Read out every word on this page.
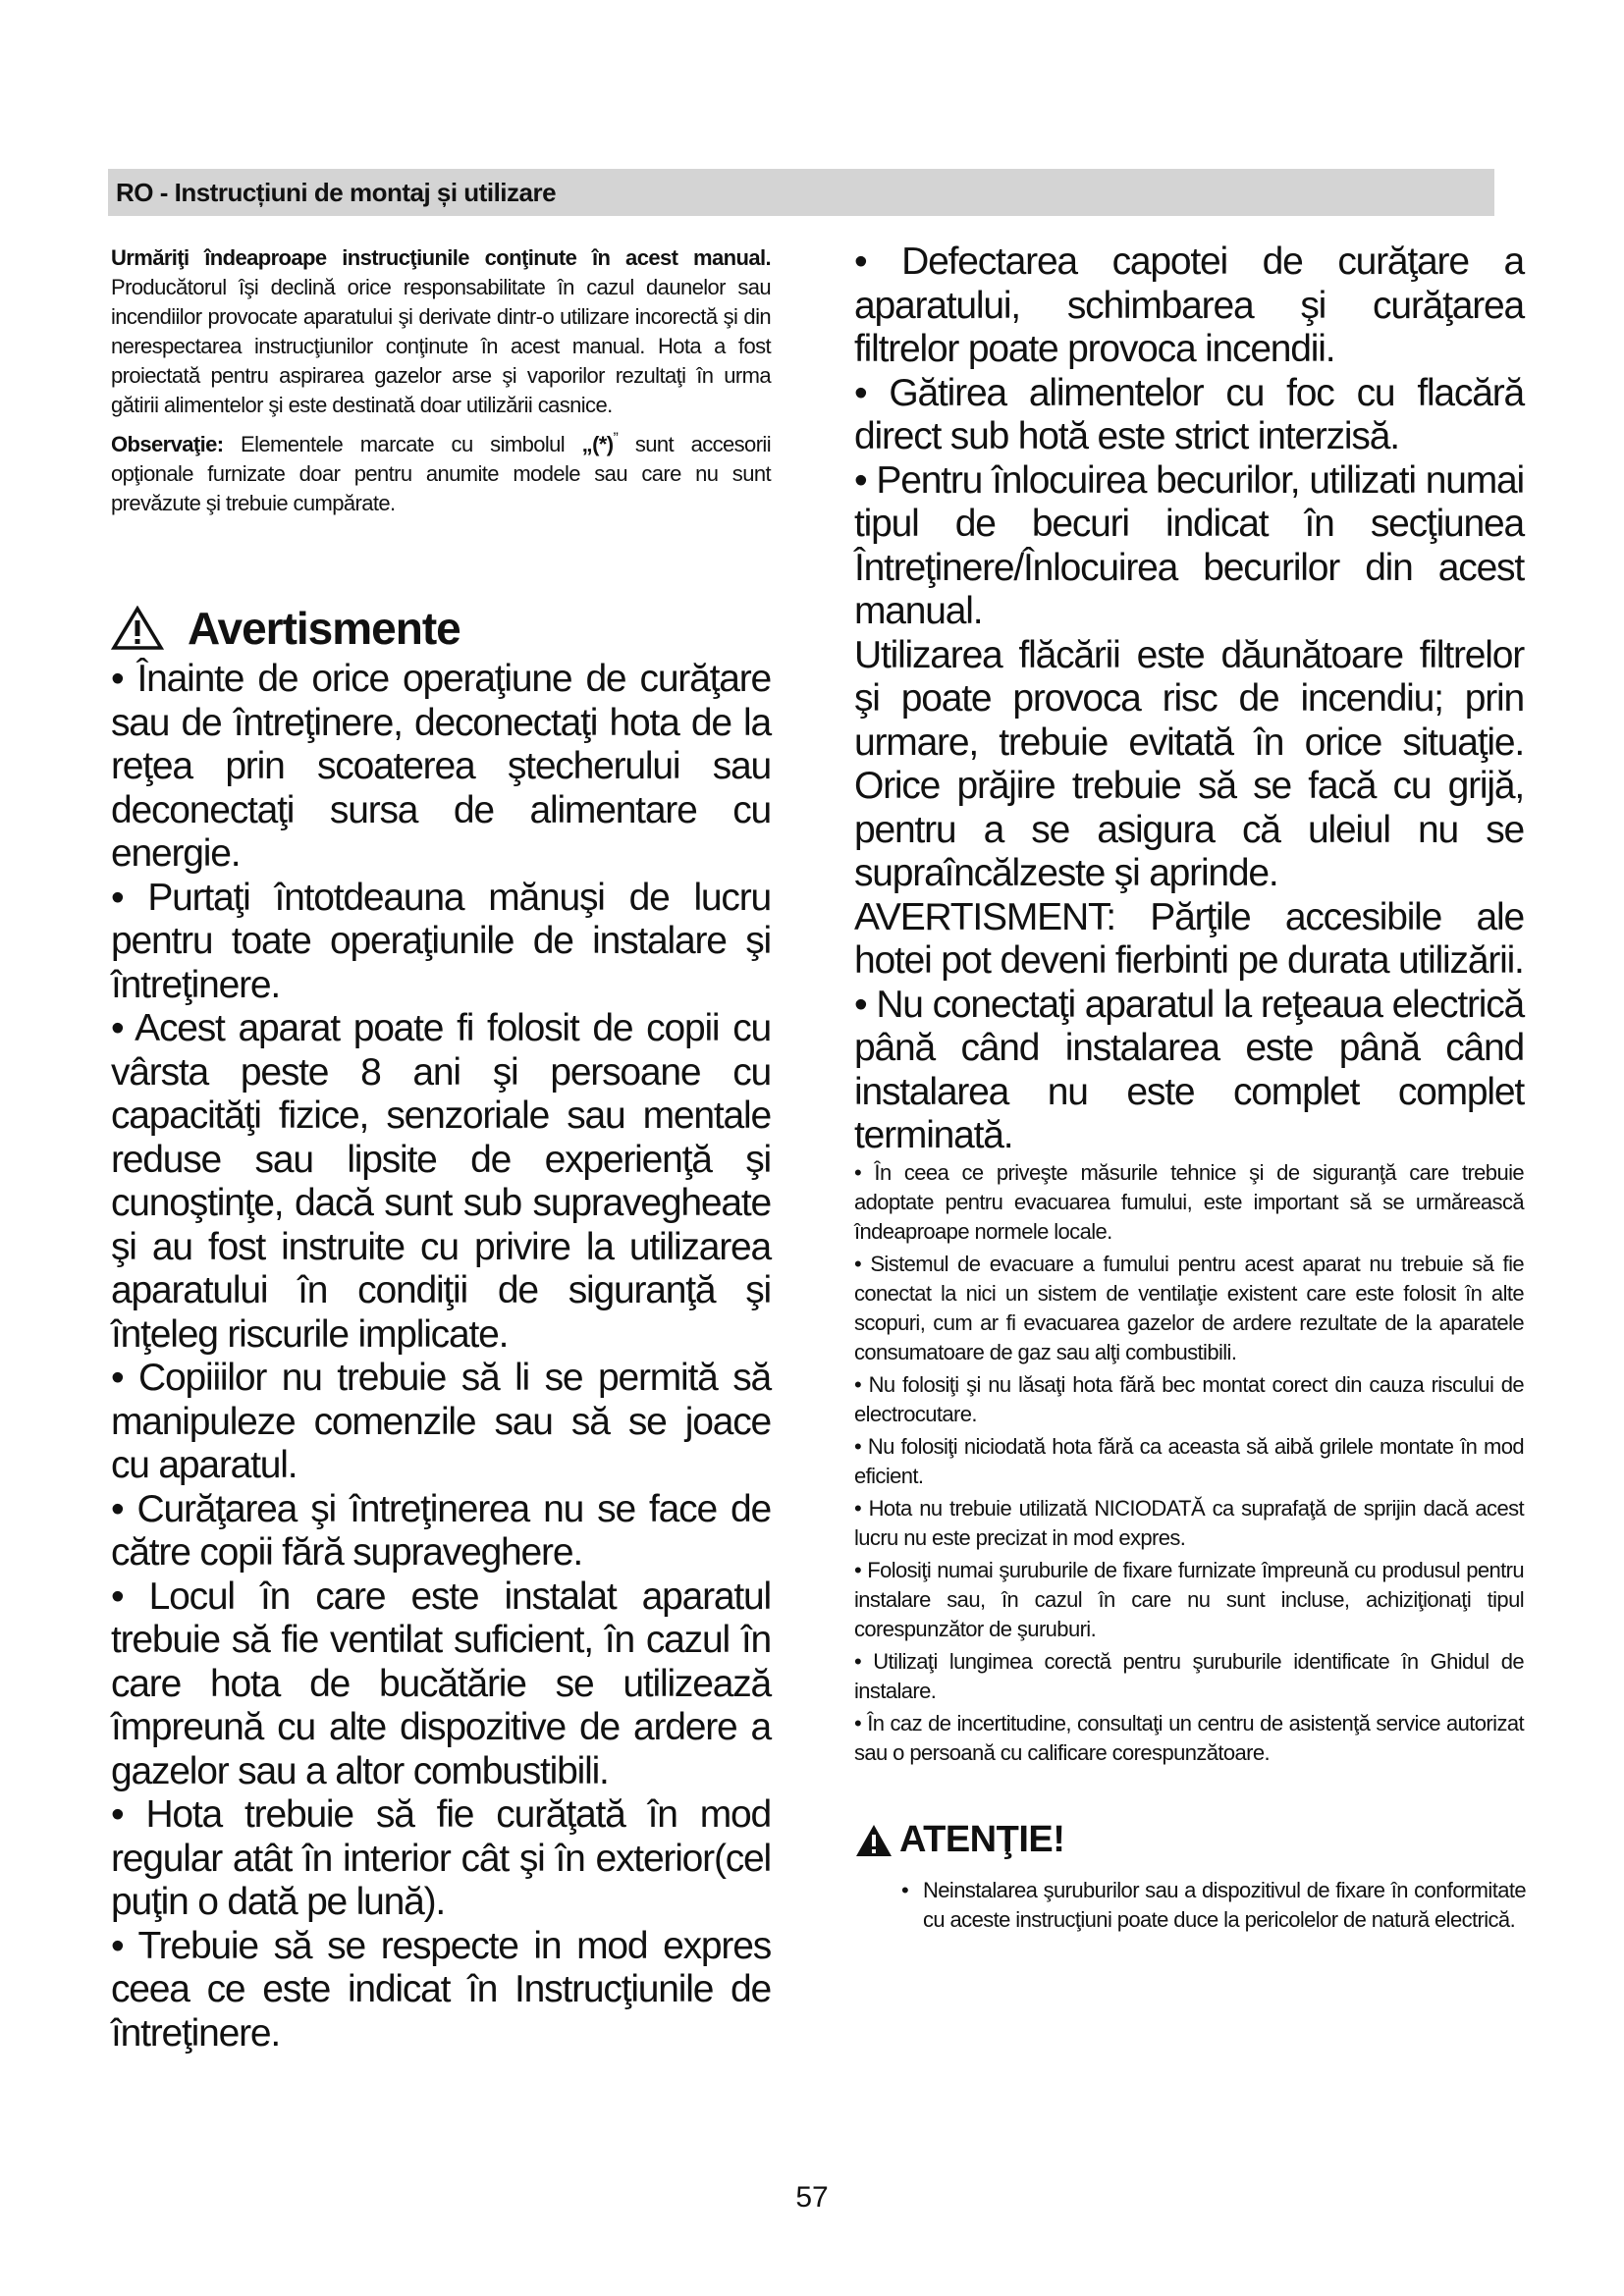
RO - Instrucțiuni de montaj și utilizare

Urmăriţi îndeaproape instrucţiunile conţinute în acest manual. Producătorul îşi declină orice responsabilitate în cazul daunelor sau incendiilor provocate aparatului şi derivate dintr-o utilizare incorectă şi din nerespectarea instrucţiunilor conţinute în acest manual. Hota a fost proiectată pentru aspirarea gazelor arse şi vaporilor rezultaţi în urma gătirii alimentelor şi este destinată doar utilizării casnice.

Observaţie: Elementele marcate cu simbolul „(*)” sunt accesorii opţionale furnizate doar pentru anumite modele sau care nu sunt prevăzute şi trebuie cumpărate.

Avertismente

• Înainte de orice operaţiune de curăţare sau de întreţinere, deconectaţi hota de la reţea prin scoaterea ştecherului sau deconectaţi sursa de alimentare cu energie.

• Purtaţi întotdeauna mănuşi de lucru pentru toate operaţiunile de instalare şi întreţinere.

• Acest aparat poate fi folosit de copii cu vârsta peste 8 ani şi persoane cu capacităţi fizice, senzoriale sau mentale reduse sau lipsite de experienţă şi cunoştinţe, dacă sunt sub supravegheate şi au fost instruite cu privire la utilizarea aparatului în condiţii de siguranţă şi înţeleg riscurile implicate.

• Copiiilor nu trebuie să li se permită să manipuleze comenzile sau să se joace cu aparatul.

• Curăţarea şi întreţinerea nu se face de către copii fără supraveghere.

• Locul în care este instalat aparatul trebuie să fie ventilat suficient, în cazul în care hota de bucătărie se utilizează împreună cu alte dispozitive de ardere a gazelor sau a altor combustibili.

• Hota trebuie să fie curăţată în mod regular atât în interior cât şi în exterior(cel puţin o dată pe lună).

• Trebuie să se respecte in mod expres ceea ce este indicat în Instrucţiunile de întreţinere.

• Defectarea capotei de curăţare a aparatului, schimbarea şi curăţarea filtrelor poate provoca incendii.

• Gătirea alimentelor cu foc cu flacără direct sub hotă este strict interzisă.

• Pentru înlocuirea becurilor, utilizati numai tipul de becuri indicat în secţiunea Întreţinere/Înlocuirea becurilor din acest manual.

Utilizarea flăcării este dăunătoare filtrelor şi poate provoca risc de incendiu; prin urmare, trebuie evitată în orice situaţie. Orice prăjire trebuie să se facă cu grijă, pentru a se asigura că uleiul nu se supraîncălzeste şi aprinde.

AVERTISMENT: Părţile accesibile ale hotei pot deveni fierbinti pe durata utilizării.

• Nu conectaţi aparatul la reţeaua electrică până când instalarea este până când instalarea nu este complet complet terminată.

• În ceea ce priveşte măsurile tehnice şi de siguranţă care trebuie adoptate pentru evacuarea fumului, este important să se urmărească îndeaproape normele locale.

• Sistemul de evacuare a fumului pentru acest aparat nu trebuie să fie conectat la nici un sistem de ventilaţie existent care este folosit în alte scopuri, cum ar fi evacuarea gazelor de ardere rezultate de la aparatele consumatoare de gaz sau alţi combustibili.

• Nu folosiţi şi nu lăsaţi hota fără bec montat corect din cauza riscului de electrocutare.

• Nu folosiţi niciodată hota fără ca aceasta să aibă grilele montate în mod eficient.

• Hota nu trebuie utilizată NICIODATĂ ca suprafaţă de sprijin dacă acest lucru nu este precizat in mod expres.

• Folosiţi numai şuruburile de fixare furnizate împreună cu produsul pentru instalare sau, în cazul în care nu sunt incluse, achiziţionaţi tipul corespunzător de şuruburi.

• Utilizaţi lungimea corectă pentru şuruburile identificate în Ghidul de instalare.

• În caz de incertitudine, consultaţi un centru de asistenţă service autorizat sau o persoană cu calificare corespunzătoare.

ATENŢIE!
• Neinstalarea şuruburilor sau a dispozitivul de fixare în conformitate cu aceste instrucţiuni poate duce la pericolelor de natură electrică.
57
